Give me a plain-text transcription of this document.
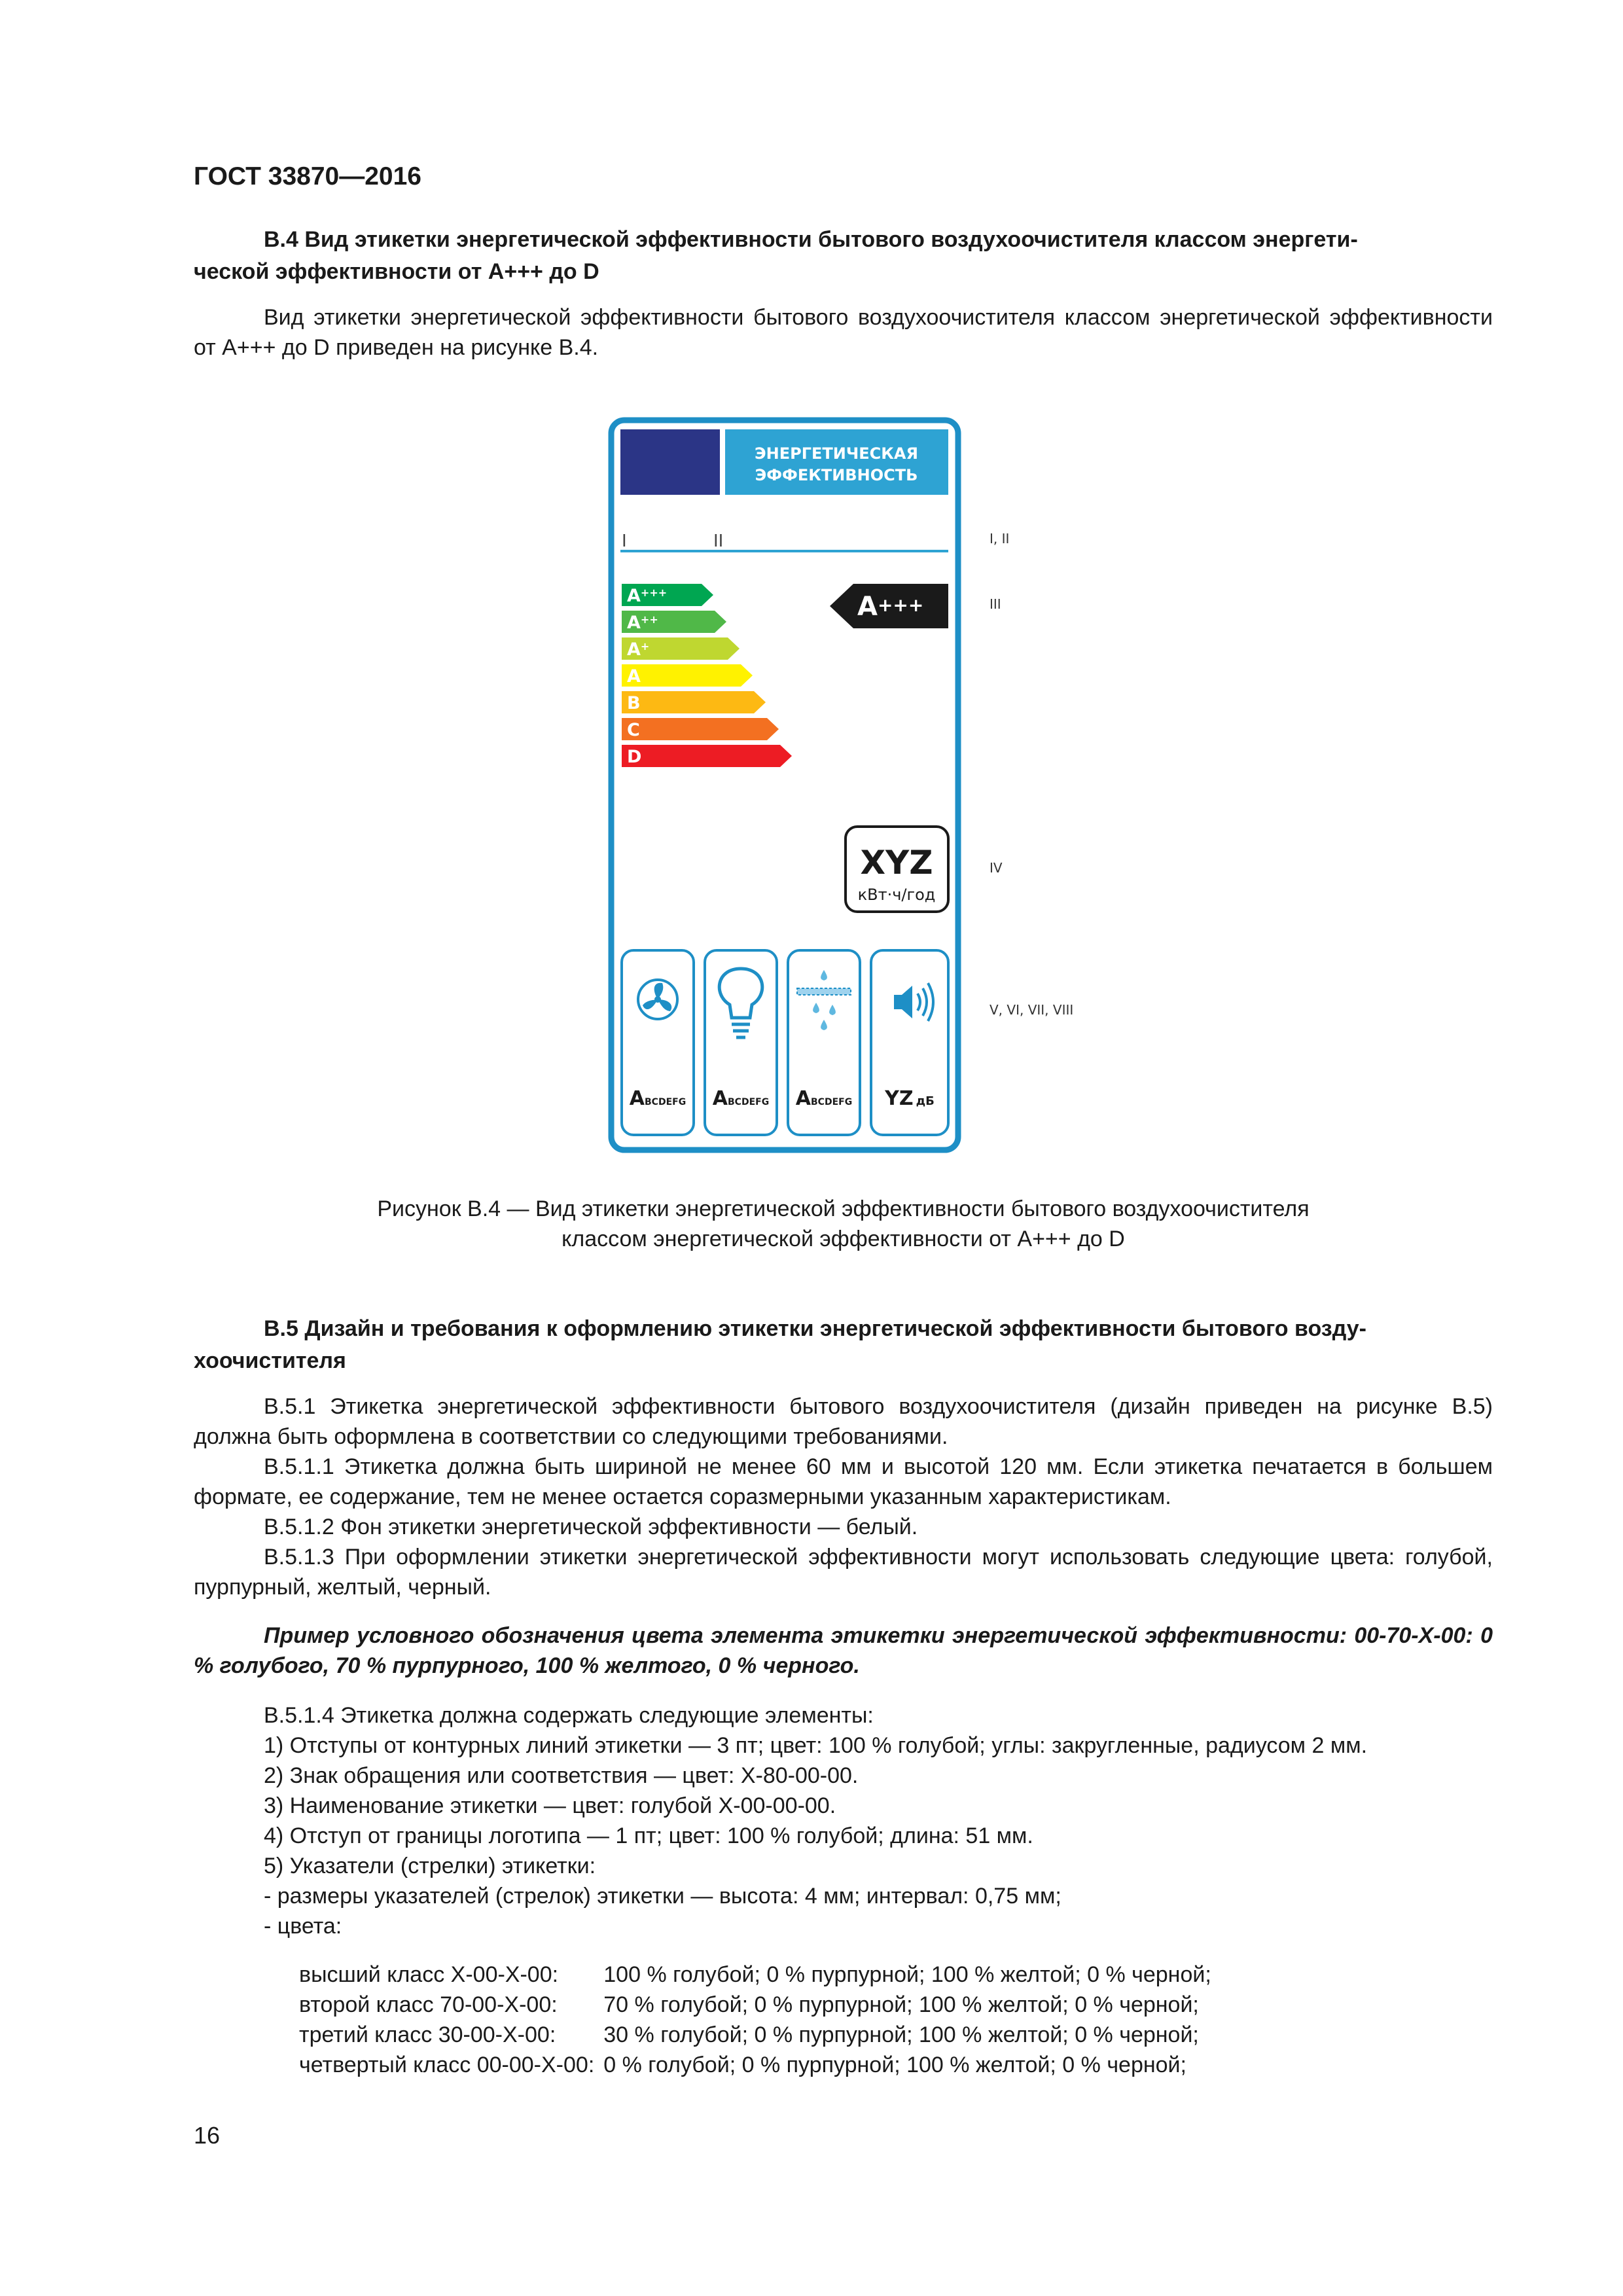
ГОСТ 33870—2016
В.4 Вид этикетки энергетической эффективности бытового воздухоочистителя классом энергети-
ческой эффективности от А+++ до D
Вид этикетки энергетической эффективности бытового воздухоочистителя классом энергетической эффективности от А+++ до D приведен на рисунке В.4.
ЭНЕРГЕТИЧЕСКАЯ
ЭФФЕКТИВНОСТЬ
I	II
A+++
A++
A+
A
B
C
D
A+++
XYZ
кВт·ч/год
ABCDEFG ABCDEFG ABCDEFG YZ дБ
I, II
III
IV
V, VI, VII, VIII
Рисунок В.4 — Вид этикетки энергетической эффективности бытового воздухоочистителя
классом энергетической эффективности от А+++ до D
В.5 Дизайн и требования к оформлению этикетки энергетической эффективности бытового возду-
хоочистителя
В.5.1 Этикетка энергетической эффективности бытового воздухоочистителя (дизайн приведен на рисунке В.5) должна быть оформлена в соответствии со следующими требованиями.
В.5.1.1 Этикетка должна быть шириной не менее 60 мм и высотой 120 мм. Если этикетка печатается в большем формате, ее содержание, тем не менее остается соразмерными указанным характеристикам.
В.5.1.2 Фон этикетки энергетической эффективности — белый.
В.5.1.3 При оформлении этикетки энергетической эффективности могут использовать следующие цвета: голубой, пурпурный, желтый, черный.
Пример условного обозначения цвета элемента этикетки энергетической эффективности: 00-70-Х-00: 0 % голубого, 70 % пурпурного, 100 % желтого, 0 % черного.
В.5.1.4 Этикетка должна содержать следующие элементы:
1) Отступы от контурных линий этикетки — 3 пт; цвет: 100 % голубой; углы: закругленные, радиусом 2 мм.
2) Знак обращения или соответствия — цвет: Х-80-00-00.
3) Наименование этикетки — цвет: голубой Х-00-00-00.
4) Отступ от границы логотипа — 1 пт; цвет: 100 % голубой; длина: 51 мм.
5) Указатели (стрелки) этикетки:
- размеры указателей (стрелок) этикетки — высота: 4 мм; интервал: 0,75 мм;
- цвета:
высший класс Х-00-Х-00:	100 % голубой; 0 % пурпурной; 100 % желтой; 0 % черной;
второй класс 70-00-Х-00:	70 % голубой; 0 % пурпурной; 100 % желтой; 0 % черной;
третий класс 30-00-Х-00:	30 % голубой; 0 % пурпурной; 100 % желтой; 0 % черной;
четвертый класс 00-00-Х-00:	0 % голубой; 0 % пурпурной; 100 % желтой; 0 % черной;
16
